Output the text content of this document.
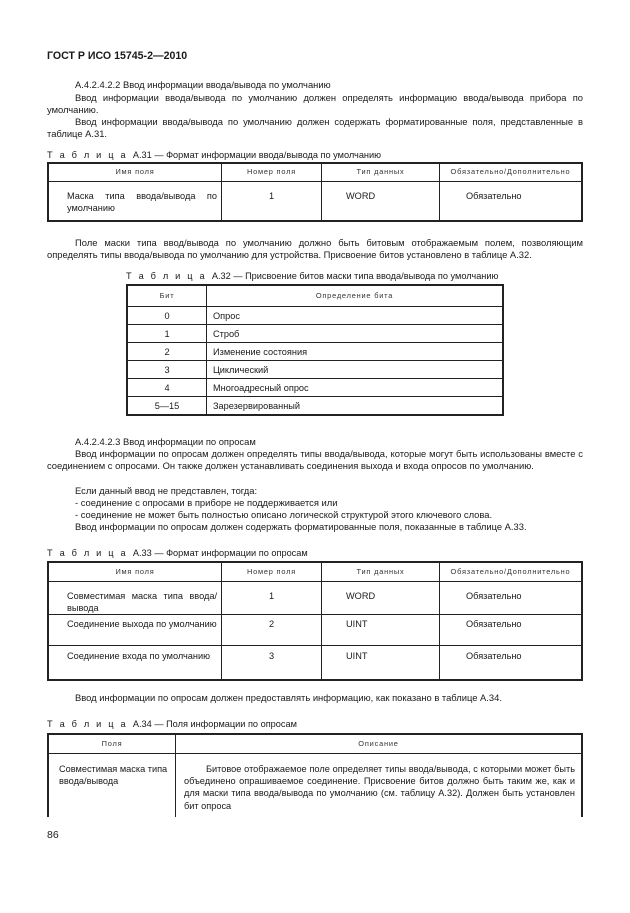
ГОСТ Р ИСО 15745-2—2010
А.4.2.4.2.2 Ввод информации ввода/вывода по умолчанию
Ввод информации ввода/вывода по умолчанию должен определять информацию ввода/вывода прибора по умолчанию.
Ввод информации ввода/вывода по умолчанию должен содержать форматированные поля, представленные в таблице А.31.
Т а б л и ц а А.31 — Формат информации ввода/вывода по умолчанию
Имя поля	Номер поля	Тип данных	Обязательно/Дополнительно
Маска типа ввода/вывода по умолчанию	1	WORD	Обязательно
Поле маски типа ввод/вывода по умолчанию должно быть битовым отображаемым полем, позволяющим определять типы ввода/вывода по умолчанию для устройства. Присвоение битов установлено в таблице А.32.
Т а б л и ц а А.32 — Присвоение битов маски типа ввода/вывода по умолчанию
Бит	Определение бита
0	Опрос
1	Строб
2	Изменение состояния
3	Циклический
4	Многоадресный опрос
5—15	Зарезервированный
А.4.2.4.2.3 Ввод информации по опросам
Ввод информации по опросам должен определять типы ввода/вывода, которые могут быть использованы вместе с соединением с опросами. Он также должен устанавливать соединения выхода и входа опросов по умолчанию.
Если данный ввод не представлен, тогда:
- соединение с опросами в приборе не поддерживается или
- соединение не может быть полностью описано логической структурой этого ключевого слова.
Ввод информации по опросам должен содержать форматированные поля, показанные в таблице А.33.
Т а б л и ц а А.33 — Формат информации по опросам
Имя поля	Номер поля	Тип данных	Обязательно/Дополнительно
Совместимая маска типа ввода/вывода	1	WORD	Обязательно
Соединение выхода по умолчанию	2	UINT	Обязательно
Соединение входа по умолчанию	3	UINT	Обязательно
Ввод информации по опросам должен предоставлять информацию, как показано в таблице А.34.
Т а б л и ц а А.34 — Поля информации по опросам
Поля	Описание
Совместимая маска типа ввода/вывода	Битовое отображаемое поле определяет типы ввода/вывода, с которыми может быть объединено опрашиваемое соединение. Присвоение битов должно быть таким же, как и для маски типа ввода/вывода по умолчанию (см. таблицу А.32). Должен быть установлен бит опроса
86
